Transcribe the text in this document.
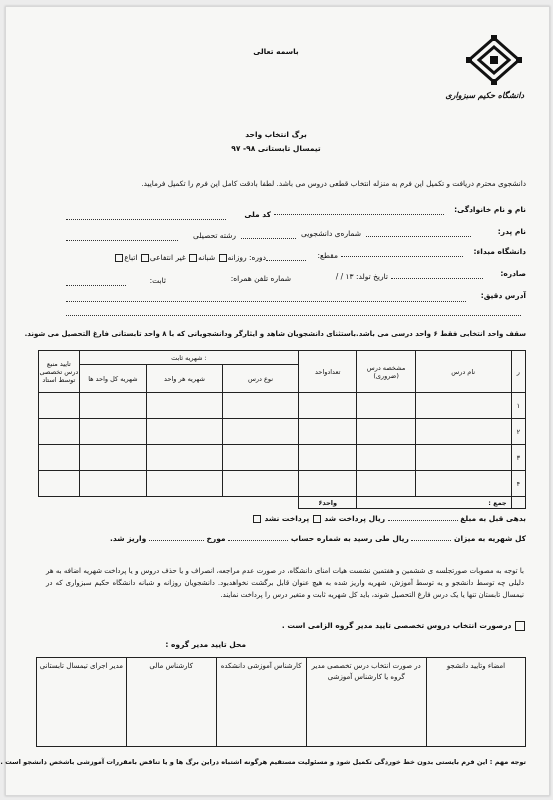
باسمه تعالی
دانشگاه حکیم سبزواری
برگ انتخاب واحد
تیمسال تابستانی ۹۸- ۹۷
دانشجوی محترم دریافت و تکمیل این فرم به منزله انتخاب قطعی دروس می باشد. لطفا بادقت کامل این فرم را تکمیل فرمایید.
نام و نام خانوادگی:
کد ملی
نام پدر:
شماره‌ی دانشجویی
رشته تحصیلی
دانشگاه مبداء:
مقطع:
دوره: روزانه شبانه غیر انتفاعی اتباع
صادره:
تاریخ تولد: ۱۳ / /
شماره تلفن همراه:
ثابت:
آدرس دقیق:
سقف واحد انتخابی فقط ۶ واحد درسی می باشد.باستثنای دانشجویان شاهد و ایثارگر ودانشجویانی که با ۸ واحد تابستانی فارغ التحصیل می شوند.
تایید منبع درس تخصصی توسط استاد	شهریه ثابت :			تعدادواحد	مشخصه درس (ضروری)	نام درس	ر
	شهریه کل واحد ها	شهریه هر واحد	نوع درس				
							۱
							۲
							۳
							۴
				۶واحد	جمع :		
بدهی قبل به مبلغ  ریال پرداخت شد  پرداخت نشد
کل شهریه به میزان  ریال طی رسید به شماره حساب  مورخ  واریز شد.
با توجه به مصوبات صورتجلسه ی ششمین و هفتمین نشست هیات امنای دانشگاه، در صورت عدم مراجعه، انصراف و یا حذف دروس و یا پرداخت شهریه اضافه به هر دلیلی چه توسط دانشجو و یه توسط آموزش، شهریه واریز شده به هیچ عنوان قابل برگشت نخواهدبود. دانشجویان روزانه و شبانه دانشگاه حکیم سبزواری که در نیمسال تابستان تنها یا یک درس فارغ التحصیل شوند، باید کل شهریه ثابت و متغیر درس را پرداخت نمایند.
درصورت انتخاب دروس تخصصی تایید مدیر گروه الزامی است .
محل تایید مدیر گروه :
مدیر اجرای تیمسال تابستانی	کارشناس مالی	کارشناس آموزشی دانشکده	در صورت انتخاب درس تخصصی مدیر گروه یا کارشناس آموزشی	امضاء وتایید دانشجو
توجه مهم : این فرم بایستی بدون خط خوردگی تکمیل شود و مسئولیت مستقیم هرگونه اشتباه دراین برگ ها و یا تناقض بامقررات آموزشی باشخص دانشجو است .
